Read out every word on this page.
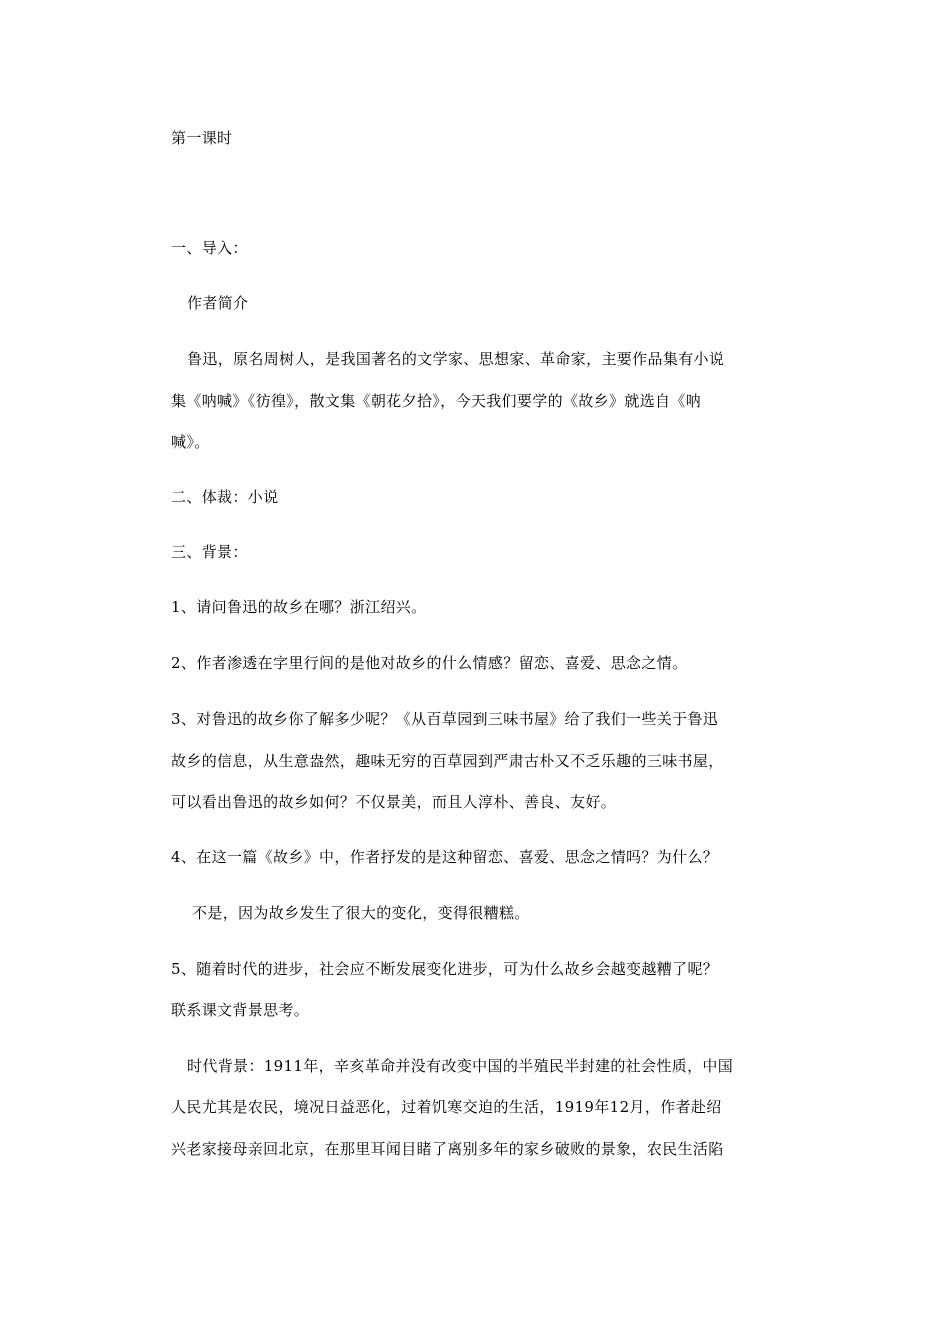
第一课时
一、导入：
作者简介
鲁迅，原名周树人，是我国著名的文学家、思想家、革命家，主要作品集有小说
集《呐喊》《彷徨》，散文集《朝花夕拾》，今天我们要学的《故乡》就选自《呐
喊》。
二、体裁：小说
三、背景：
1、请问鲁迅的故乡在哪？浙江绍兴。
2、作者渗透在字里行间的是他对故乡的什么情感？留恋、喜爱、思念之情。
3、对鲁迅的故乡你了解多少呢？《从百草园到三味书屋》给了我们一些关于鲁迅
故乡的信息，从生意盎然，趣味无穷的百草园到严肃古朴又不乏乐趣的三味书屋，
可以看出鲁迅的故乡如何？不仅景美，而且人淳朴、善良、友好。
4、在这一篇《故乡》中，作者抒发的是这种留恋、喜爱、思念之情吗？为什么？
不是，因为故乡发生了很大的变化，变得很糟糕。
5、随着时代的进步，社会应不断发展变化进步，可为什么故乡会越变越糟了呢？
联系课文背景思考。
时代背景：1911年，辛亥革命并没有改变中国的半殖民半封建的社会性质，中国
人民尤其是农民，境况日益恶化，过着饥寒交迫的生活，1919年12月，作者赴绍
兴老家接母亲回北京，在那里耳闻目睹了离别多年的家乡破败的景象，农民生活陷
